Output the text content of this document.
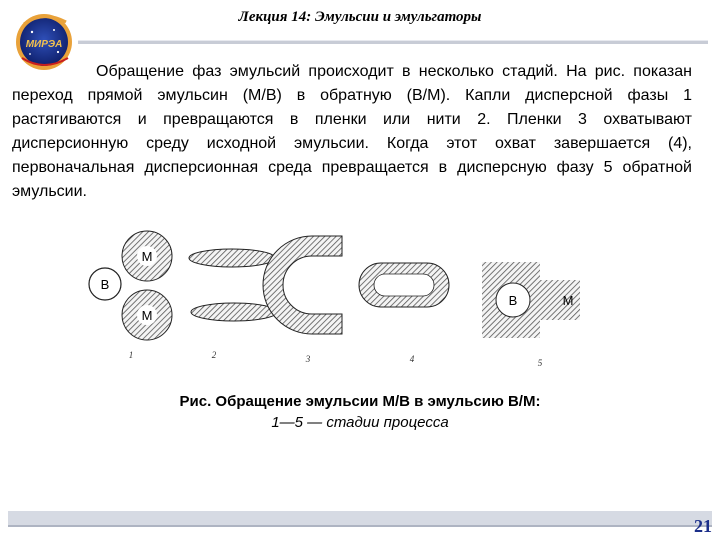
МИРЭА
Лекция 14: Эмульсии и эмульгаторы

Обращение фаз эмульсий происходит в несколько стадий. На рис. показан переход прямой эмульсин (М/В) в обратную (В/М). Капли дисперсной фазы 1 растягиваются и превращаются в пленки или нити 2. Пленки 3 охватывают дисперсионную среду исходной эмульсии. Когда этот охват завершается (4), первоначальная дисперсионная среда превращается в дисперсную фазу 5 обратной эмульсии.

В
М
М
В	М
1	2	3	4	5
Рис. Обращение эмульсии М/В в эмульсию В/М:
1—5 — стадии процесса
21
